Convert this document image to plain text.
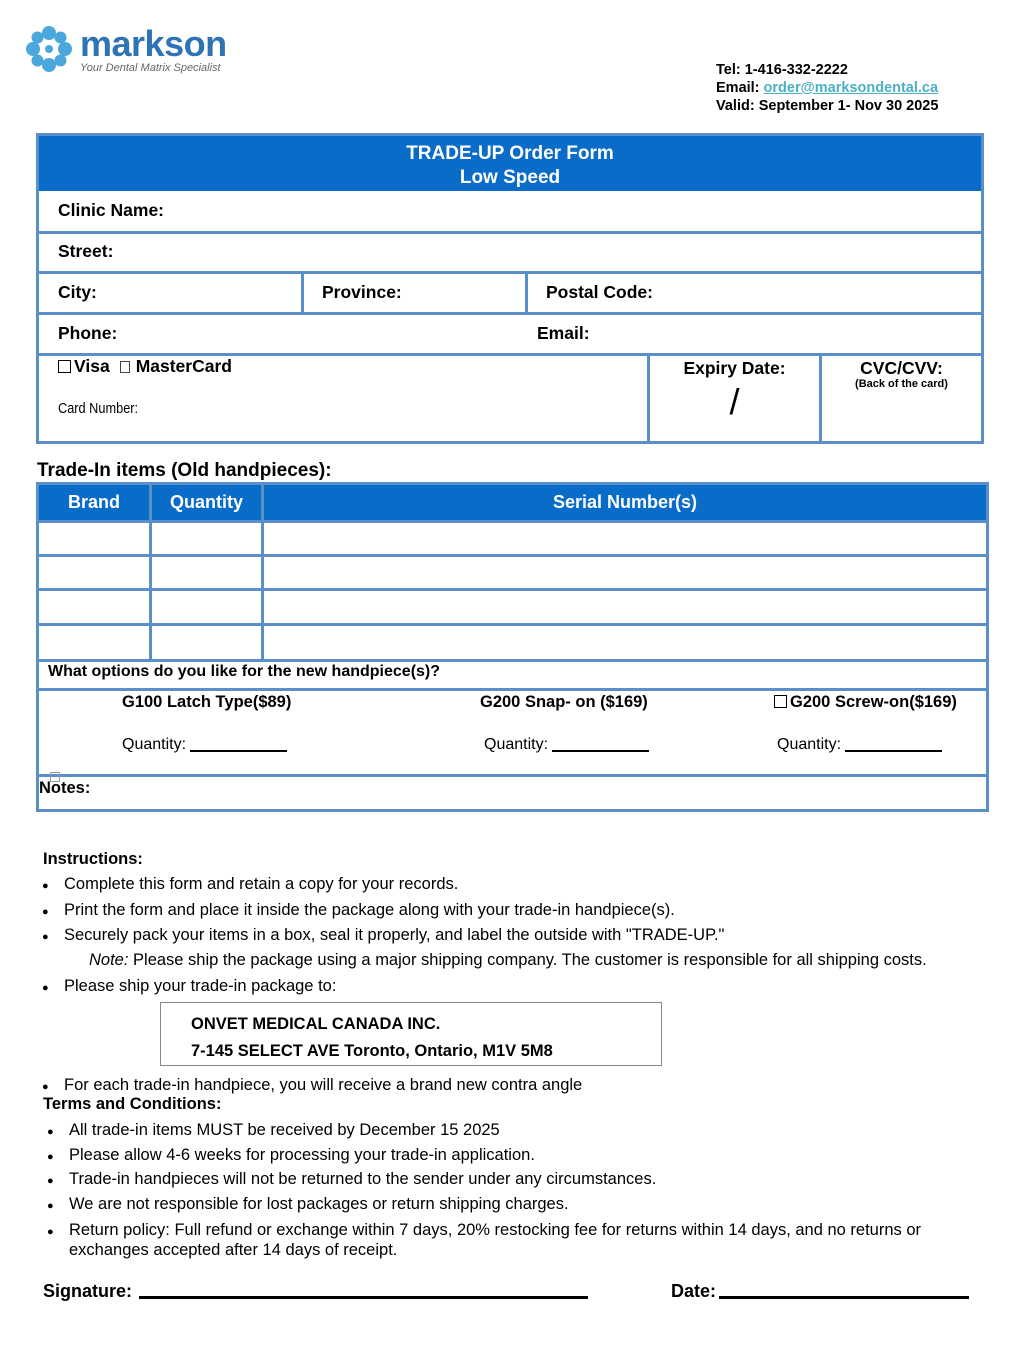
markson
Your Dental Matrix Specialist	Tel: 1-416-332-2222
Email: order@marksondental.ca
Valid: September 1- Nov 30 2025
TRADE-UP Order Form
Low Speed
Clinic Name:
Street:
City:	Province:	Postal Code:
Phone:	Email:
Visa MasterCard
Card Number:
Expiry Date:
/
CVC/CVV:
(Back of the card)
Trade-In items (Old handpieces):
Brand	Quantity	Serial Number(s)
What options do you like for the new handpiece(s)?
G100 Latch Type($89)	G200 Snap- on ($169)	G200 Screw-on($169)
Quantity:	Quantity:	Quantity:
Notes:
Instructions:
● Complete this form and retain a copy for your records.
● Print the form and place it inside the package along with your trade-in handpiece(s).
● Securely pack your items in a box, seal it properly, and label the outside with "TRADE-UP."
Note: Please ship the package using a major shipping company. The customer is responsible for all shipping costs.
● Please ship your trade-in package to:
ONVET MEDICAL CANADA INC.
7-145 SELECT AVE Toronto, Ontario, M1V 5M8
● For each trade-in handpiece, you will receive a brand new contra angle
Terms and Conditions:
● All trade-in items MUST be received by December 15 2025
● Please allow 4-6 weeks for processing your trade-in application.
● Trade-in handpieces will not be returned to the sender under any circumstances.
● We are not responsible for lost packages or return shipping charges.
● Return policy: Full refund or exchange within 7 days, 20% restocking fee for returns within 14 days, and no returns or exchanges accepted after 14 days of receipt.
Signature:	Date:
